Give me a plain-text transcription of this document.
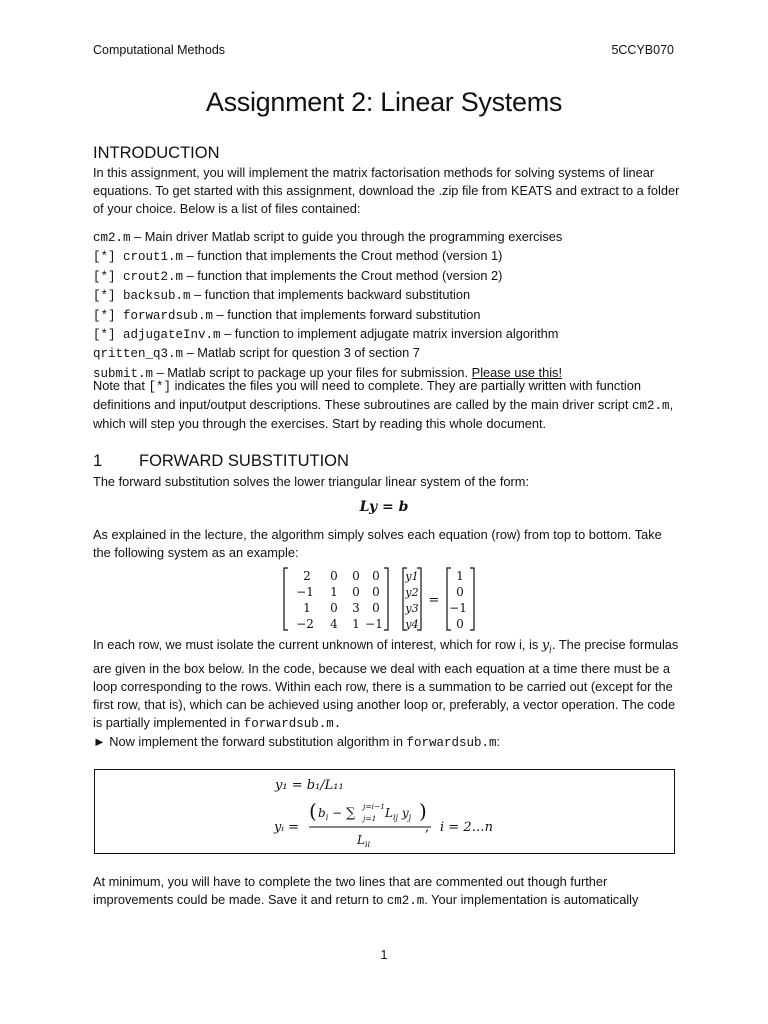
Computational Methods	5CCYB070
Assignment 2: Linear Systems
INTRODUCTION
In this assignment, you will implement the matrix factorisation methods for solving systems of linear equations. To get started with this assignment, download the .zip file from KEATS and extract to a folder of your choice. Below is a list of files contained:
cm2.m – Main driver Matlab script to guide you through the programming exercises
[*] crout1.m – function that implements the Crout method (version 1)
[*] crout2.m – function that implements the Crout method (version 2)
[*] backsub.m – function that implements backward substitution
[*] forwardsub.m – function that implements forward substitution
[*] adjugateInv.m – function to implement adjugate matrix inversion algorithm
qritten_q3.m – Matlab script for question 3 of section 7
submit.m – Matlab script to package up your files for submission. Please use this!
Note that [*] indicates the files you will need to complete. They are partially written with function definitions and input/output descriptions. These subroutines are called by the main driver script cm2.m, which will step you through the exercises. Start by reading this whole document.
1 FORWARD SUBSTITUTION
The forward substitution solves the lower triangular linear system of the form:
Ly = b
As explained in the lecture, the algorithm simply solves each equation (row) from top to bottom. Take the following system as an example:
2 0 0 0
−1 1 0 0
1 0 3 0
−2 4 1 −1
y1
y2
y3
y4
=
1
0
−1
0
In each row, we must isolate the current unknown of interest, which for row i, is $y_i$. The precise formulas are given in the box below. In the code, because we deal with each equation at a time there must be a loop corresponding to the rows. Within each row, there is a summation to be carried out (except for the first row, that is), which can be achieved using another loop or, preferably, a vector operation. The code is partially implemented in forwardsub.m.
► Now implement the forward substitution algorithm in forwardsub.m:
y₁ = b₁/L₁₁
yᵢ =
( $b_i$ − ∑ j=i−1
j=1 $L_{ij}$ $y_j$ )
$L_{ii}$
, i = 2…n
At minimum, you will have to complete the two lines that are commented out though further improvements could be made. Save it and return to cm2.m. Your implementation is automatically
1
